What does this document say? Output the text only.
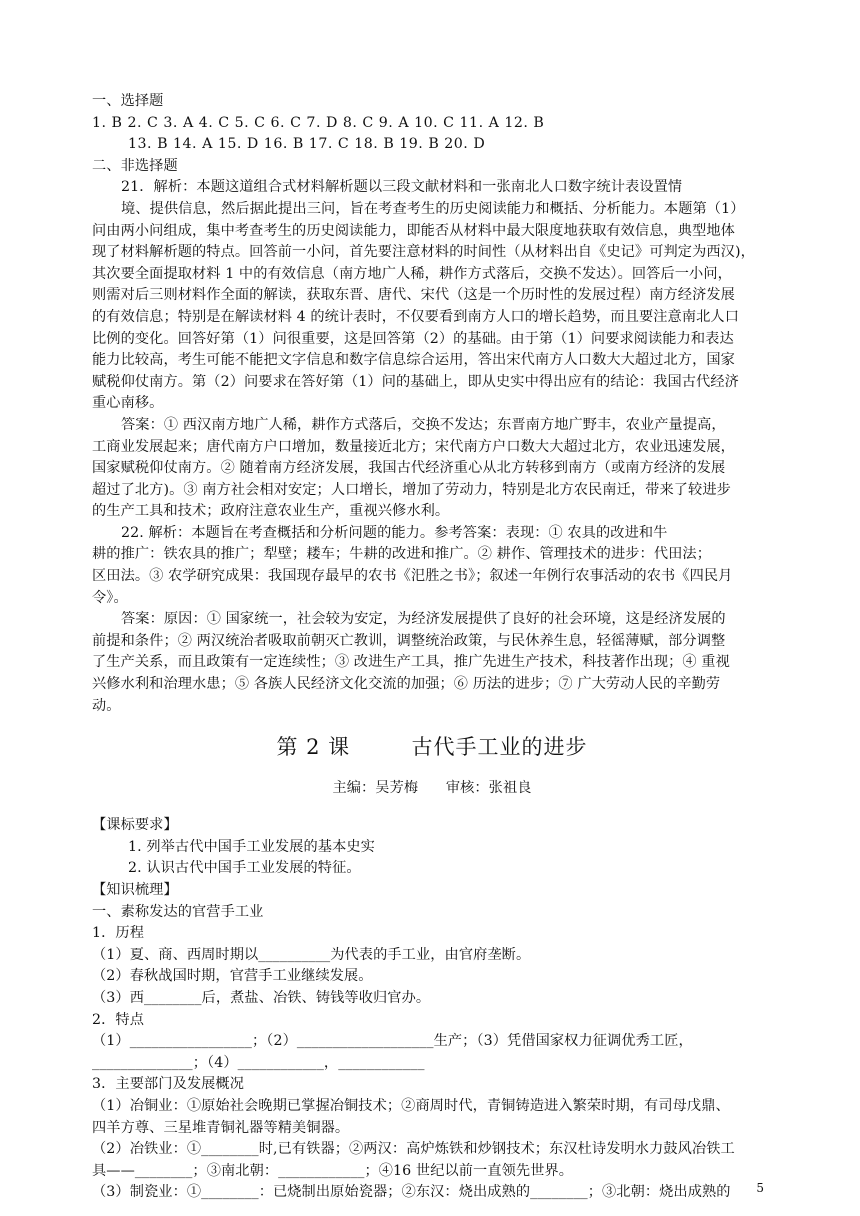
一、选择题
1. B 2. C 3. A 4. C 5. C 6. C 7. D 8. C 9. A 10. C 11. A 12. B
13. B 14. A 15. D 16. B 17. C 18. B 19. B 20. D
二、非选择题
21．解析：本题这道组合式材料解析题以三段文献材料和一张南北人口数字统计表设置情
境、提供信息，然后据此提出三问，旨在考查考生的历史阅读能力和概括、分析能力。本题第（1）
问由两小问组成，集中考查考生的历史阅读能力，即能否从材料中最大限度地获取有效信息，典型地体
现了材料解析题的特点。回答前一小问，首先要注意材料的时间性（从材料出自《史记》可判定为西汉)，
其次要全面提取材料 1 中的有效信息（南方地广人稀，耕作方式落后，交换不发达）。回答后一小问，
则需对后三则材料作全面的解读，获取东晋、唐代、宋代（这是一个历时性的发展过程）南方经济发展
的有效信息；特别是在解读材料 4 的统计表时，不仅要看到南方人口的增长趋势，而且要注意南北人口
比例的变化。回答好第（1）问很重要，这是回答第（2）的基础。由于第（1）问要求阅读能力和表达
能力比较高，考生可能不能把文字信息和数字信息综合运用，答出宋代南方人口数大大超过北方，国家
赋税仰仗南方。第（2）问要求在答好第（1）问的基础上，即从史实中得出应有的结论：我国古代经济
重心南移。
答案：① 西汉南方地广人稀，耕作方式落后，交换不发达；东晋南方地广野丰，农业产量提高，
工商业发展起来；唐代南方户口增加，数量接近北方；宋代南方户口数大大超过北方，农业迅速发展，
国家赋税仰仗南方。② 随着南方经济发展，我国古代经济重心从北方转移到南方（或南方经济的发展
超过了北方)。③ 南方社会相对安定；人口增长，增加了劳动力，特别是北方农民南迁，带来了较进步
的生产工具和技术；政府注意农业生产，重视兴修水利。
22. 解析：本题旨在考查概括和分析问题的能力。参考答案：表现：① 农具的改进和牛
耕的推广：铁农具的推广；犁壁；耧车；牛耕的改进和推广。② 耕作、管理技术的进步：代田法；
区田法。③ 农学研究成果：我国现存最早的农书《汜胜之书》；叙述一年例行农事活动的农书《四民月
令》。
答案：原因：① 国家统一，社会较为安定，为经济发展提供了良好的社会环境，这是经济发展的
前提和条件；② 两汉统治者吸取前朝灭亡教训，调整统治政策，与民休养生息，轻徭薄赋，部分调整
了生产关系，而且政策有一定连续性；③ 改进生产工具，推广先进生产技术，科技著作出现；④ 重视
兴修水利和治理水患；⑤ 各族人民经济文化交流的加强；⑥ 历法的进步；⑦ 广大劳动人民的辛勤劳
动。
第 2 课        古代手工业的进步
主编：吴芳梅      审核：张祖良
【课标要求】
1. 列举古代中国手工业发展的基本史实
2. 认识古代中国手工业发展的特征。
【知识梳理】
一、素称发达的官营手工业
1．历程
（1）夏、商、西周时期以__________为代表的手工业，由官府垄断。
（2）春秋战国时期，官营手工业继续发展。
（3）西________后，煮盐、冶铁、铸钱等收归官办。
2．特点
（1）_________________；（2）___________________生产；（3）凭借国家权力征调优秀工匠，
______________；（4）____________，____________
3．主要部门及发展概况
（1）冶铜业：①原始社会晚期已掌握冶铜技术；②商周时代，青铜铸造进入繁荣时期，有司母戊鼎、
四羊方尊、三星堆青铜礼器等精美铜器。
（2）冶铁业：①________时,已有铁器；②两汉：高炉炼铁和炒钢技术；东汉杜诗发明水力鼓风冶铁工
具——________；③南北朝：____________；④16 世纪以前一直领先世界。
（3）制瓷业：①________：已烧制出原始瓷器；②东汉：烧出成熟的________；③北朝：烧出成熟的	5
